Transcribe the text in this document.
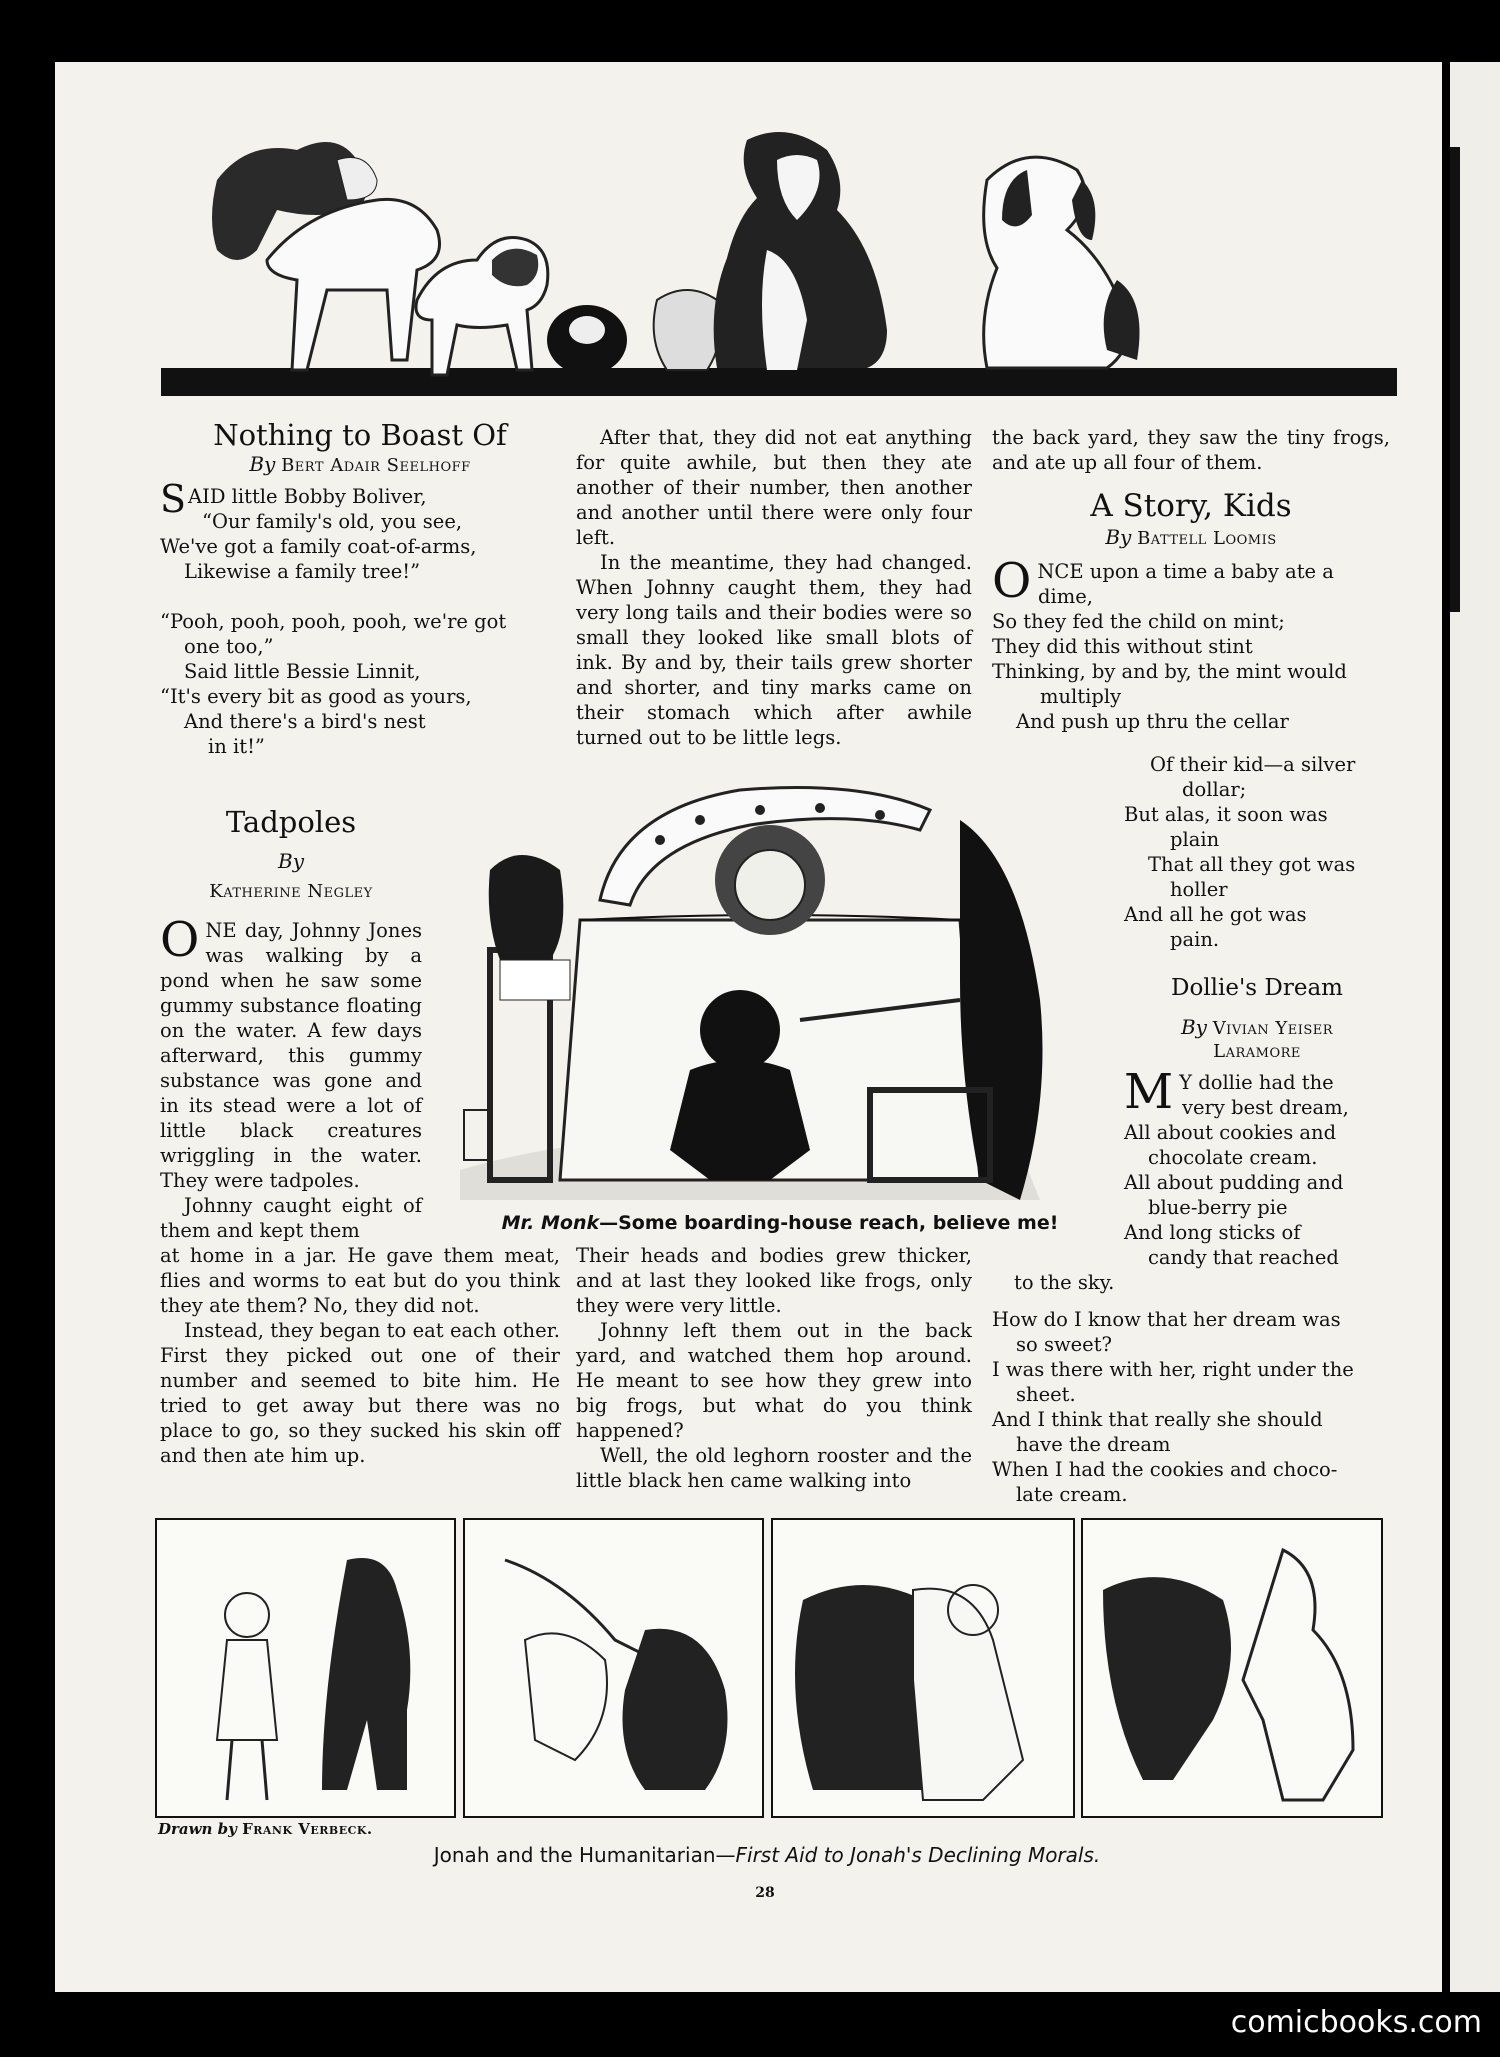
Nothing to Boast Of
By Bert Adair Seelhoff

SAID little Bobby Boliver,

“Our family's old, you see,

We've got a family coat-of-arms,

Likewise a family tree!”

“Pooh, pooh, pooh, pooh, we're got

one too,”

Said little Bessie Linnit,

“It's every bit as good as yours,

And there's a bird's nest

in it!”

Tadpoles
By
Katherine Negley

ONE day, Johnny Jones was walking by a pond when he saw some gummy substance floating on the water. A few days afterward, this gummy substance was gone and in its stead were a lot of little black creatures wriggling in the water. They were tadpoles.

Johnny caught eight of them and kept them

at home in a jar. He gave them meat, flies and worms to eat but do you think they ate them? No, they did not.

Instead, they began to eat each other. First they picked out one of their number and seemed to bite him. He tried to get away but there was no place to go, so they sucked his skin off and then ate him up.

After that, they did not eat anything for quite awhile, but then they ate another of their number, then another and another until there were only four left.

In the meantime, they had changed. When Johnny caught them, they had very long tails and their bodies were so small they looked like small blots of ink. By and by, their tails grew shorter and shorter, and tiny marks came on their stomach which after awhile turned out to be little legs.

Mr. Monk—Some boarding-house reach, believe me!

Their heads and bodies grew thicker, and at last they looked like frogs, only they were very little.

Johnny left them out in the back yard, and watched them hop around. He meant to see how they grew into big frogs, but what do you think happened?

Well, the old leghorn rooster and the little black hen came walking into

the back yard, they saw the tiny frogs, and ate up all four of them.
A Story, Kids
By Battell Loomis

ONCE upon a time a baby ate a

dime,

So they fed the child on mint;

They did this without stint

Thinking, by and by, the mint would

multiply

And push up thru the cellar

Of their kid—a silver

dollar;

But alas, it soon was

plain

That all they got was

holler

And all he got was

pain.

Dollie's Dream
By Vivian Yeiser
Laramore

M Y dollie had the

very best dream,

All about cookies and

chocolate cream.

All about pudding and

blue-berry pie

And long sticks of

candy that reached

to the sky.

How do I know that her dream was

so sweet?

I was there with her, right under the

sheet.

And I think that really she should

have the dream

When I had the cookies and choco-

late cream.

Drawn by Frank Verbeck.
Jonah and the Humanitarian—First Aid to Jonah's Declining Morals.
28
comicbooks.com
